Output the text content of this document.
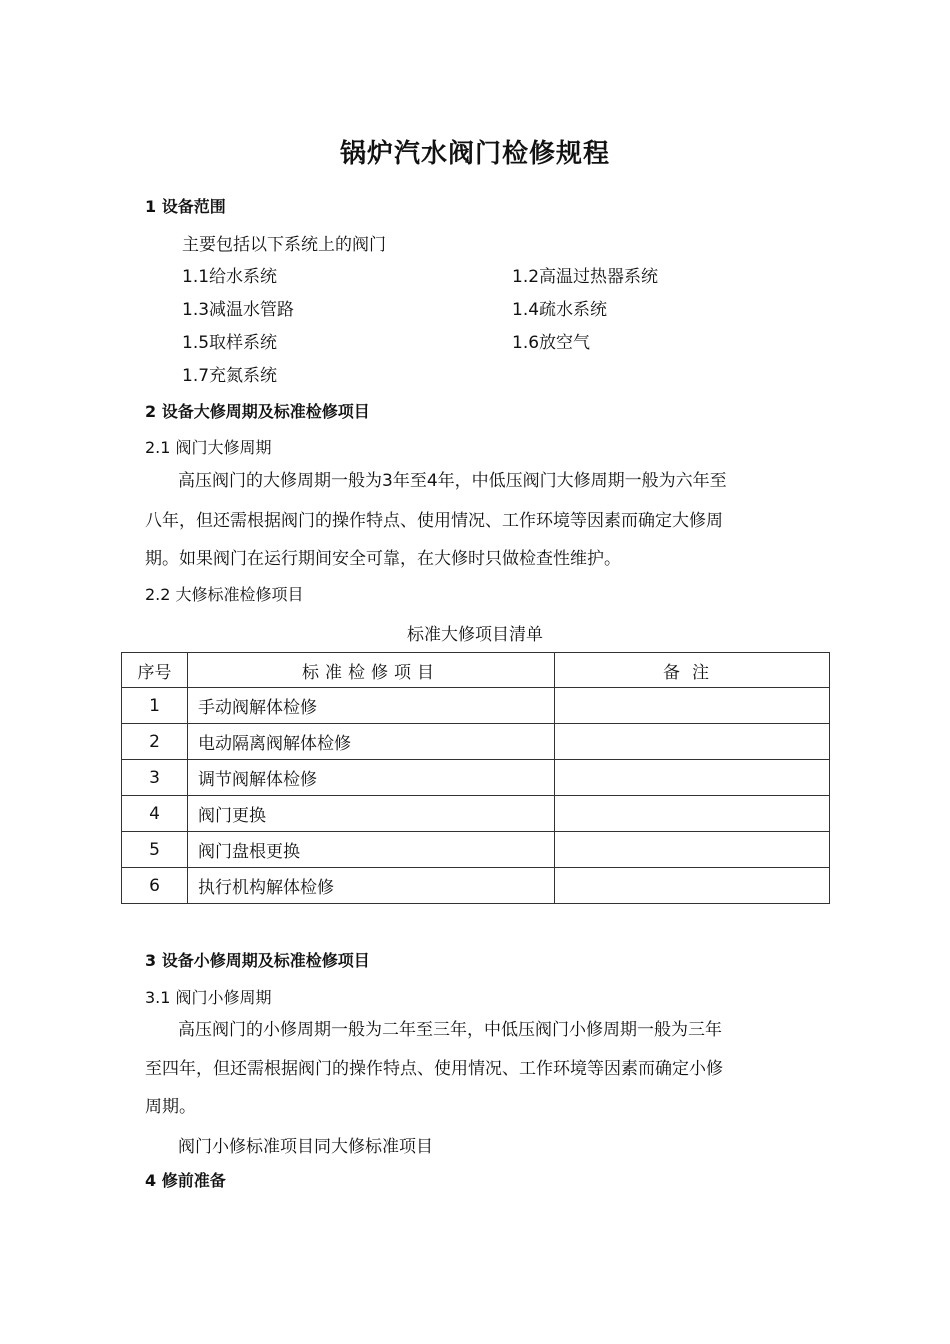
锅炉汽水阀门检修规程
1 设备范围
主要包括以下系统上的阀门
1.1给水系统	1.2高温过热器系统
1.3减温水管路	1.4疏水系统
1.5取样系统	1.6放空气
1.7充氮系统
2 设备大修周期及标准检修项目
2.1 阀门大修周期
高压阀门的大修周期一般为3年至4年，中低压阀门大修周期一般为六年至
八年，但还需根据阀门的操作特点、使用情况、工作环境等因素而确定大修周
期。如果阀门在运行期间安全可靠，在大修时只做检查性维护。
2.2 大修标准检修项目
标准大修项目清单
序号	标准检修项目	备注
1	手动阀解体检修	
2	电动隔离阀解体检修	
3	调节阀解体检修	
4	阀门更换	
5	阀门盘根更换	
6	执行机构解体检修	
3 设备小修周期及标准检修项目
3.1 阀门小修周期
高压阀门的小修周期一般为二年至三年，中低压阀门小修周期一般为三年
至四年，但还需根据阀门的操作特点、使用情况、工作环境等因素而确定小修
周期。
阀门小修标准项目同大修标准项目
4 修前准备
